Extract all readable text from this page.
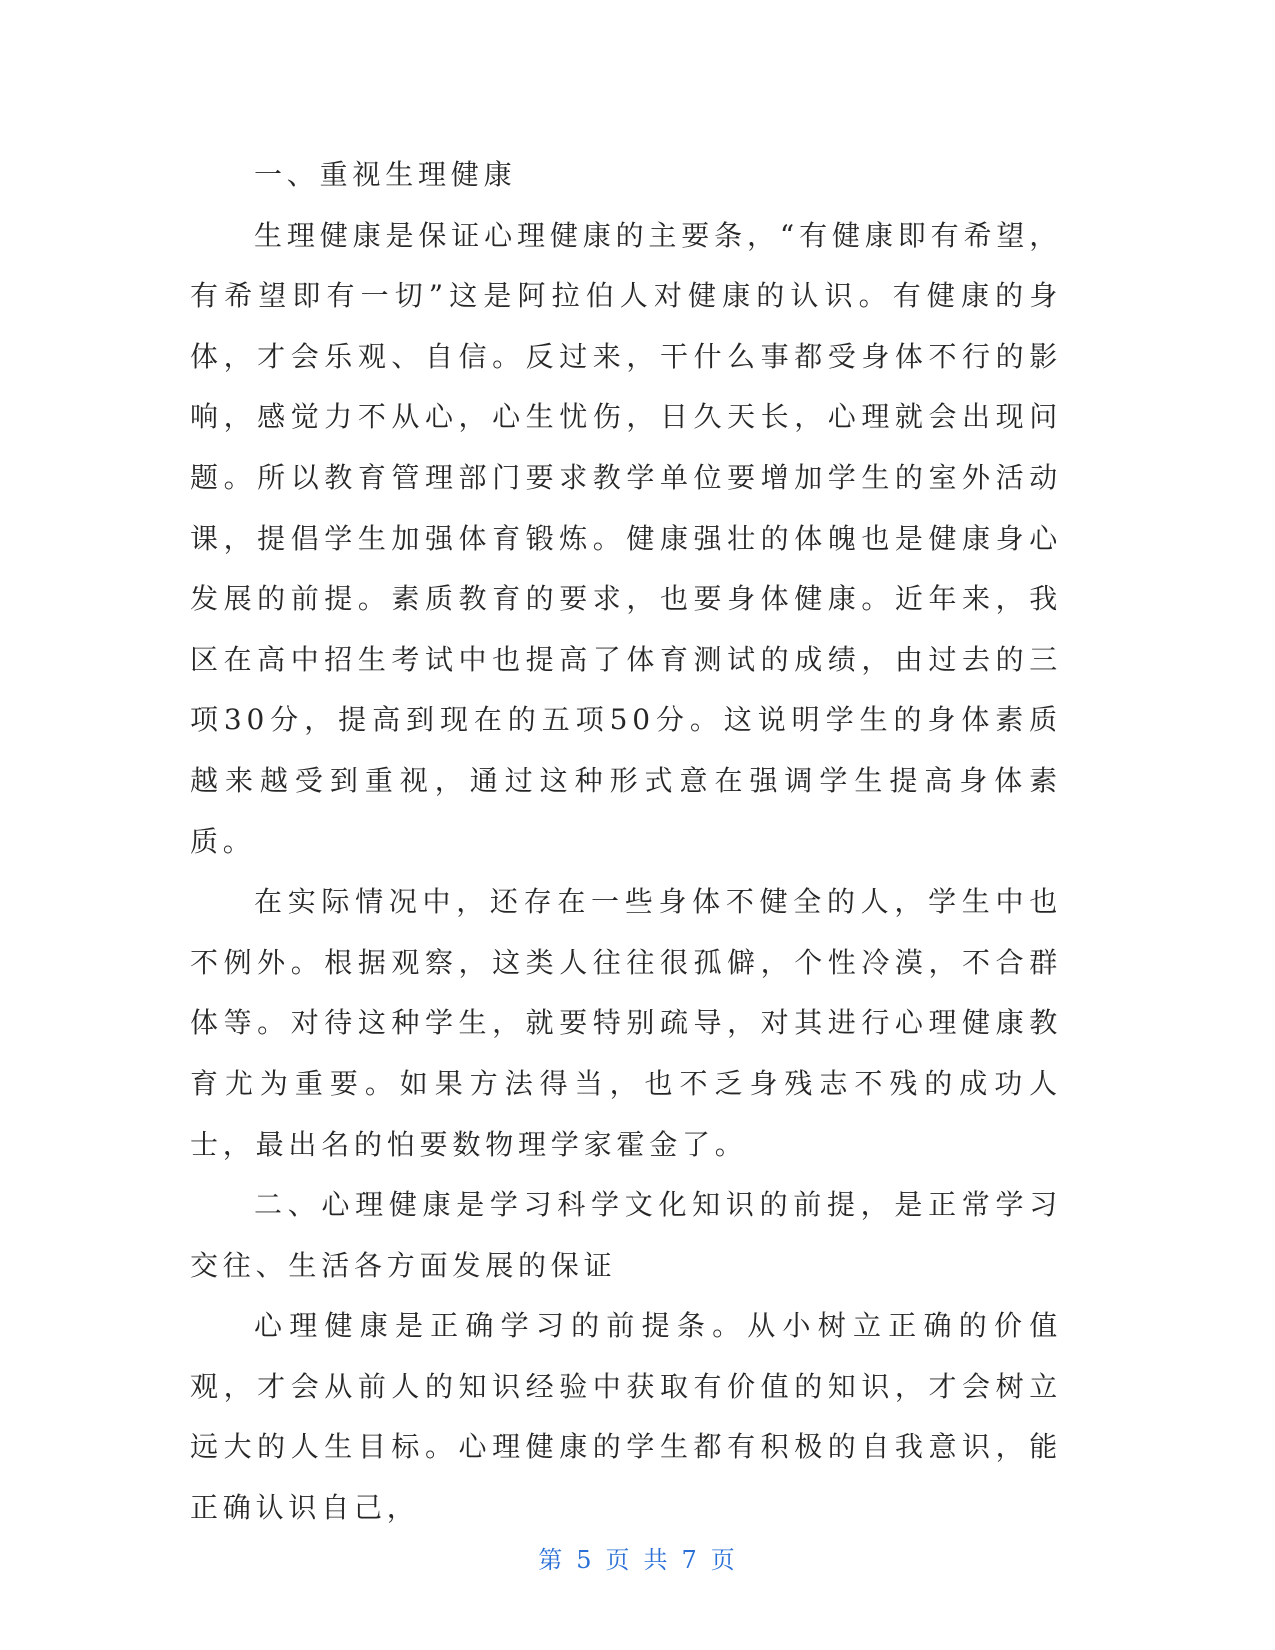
一、重视生理健康

生理健康是保证心理健康的主要条，“有健康即有希望，有希望即有一切”这是阿拉伯人对健康的认识。有健康的身体，才会乐观、自信。反过来，干什么事都受身体不行的影响，感觉力不从心，心生忧伤，日久天长，心理就会出现问题。所以教育管理部门要求教学单位要增加学生的室外活动课，提倡学生加强体育锻炼。健康强壮的体魄也是健康身心发展的前提。素质教育的要求，也要身体健康。近年来，我区在高中招生考试中也提高了体育测试的成绩，由过去的三项30分，提高到现在的五项50分。这说明学生的身体素质越来越受到重视，通过这种形式意在强调学生提高身体素质。

在实际情况中，还存在一些身体不健全的人，学生中也不例外。根据观察，这类人往往很孤僻，个性冷漠，不合群体等。对待这种学生，就要特别疏导，对其进行心理健康教育尤为重要。如果方法得当，也不乏身残志不残的成功人士，最出名的怕要数物理学家霍金了。

二、心理健康是学习科学文化知识的前提，是正常学习交往、生活各方面发展的保证

心理健康是正确学习的前提条。从小树立正确的价值观，才会从前人的知识经验中获取有价值的知识，才会树立远大的人生目标。心理健康的学生都有积极的自我意识，能正确认识自己，

第 5 页 共 7 页
